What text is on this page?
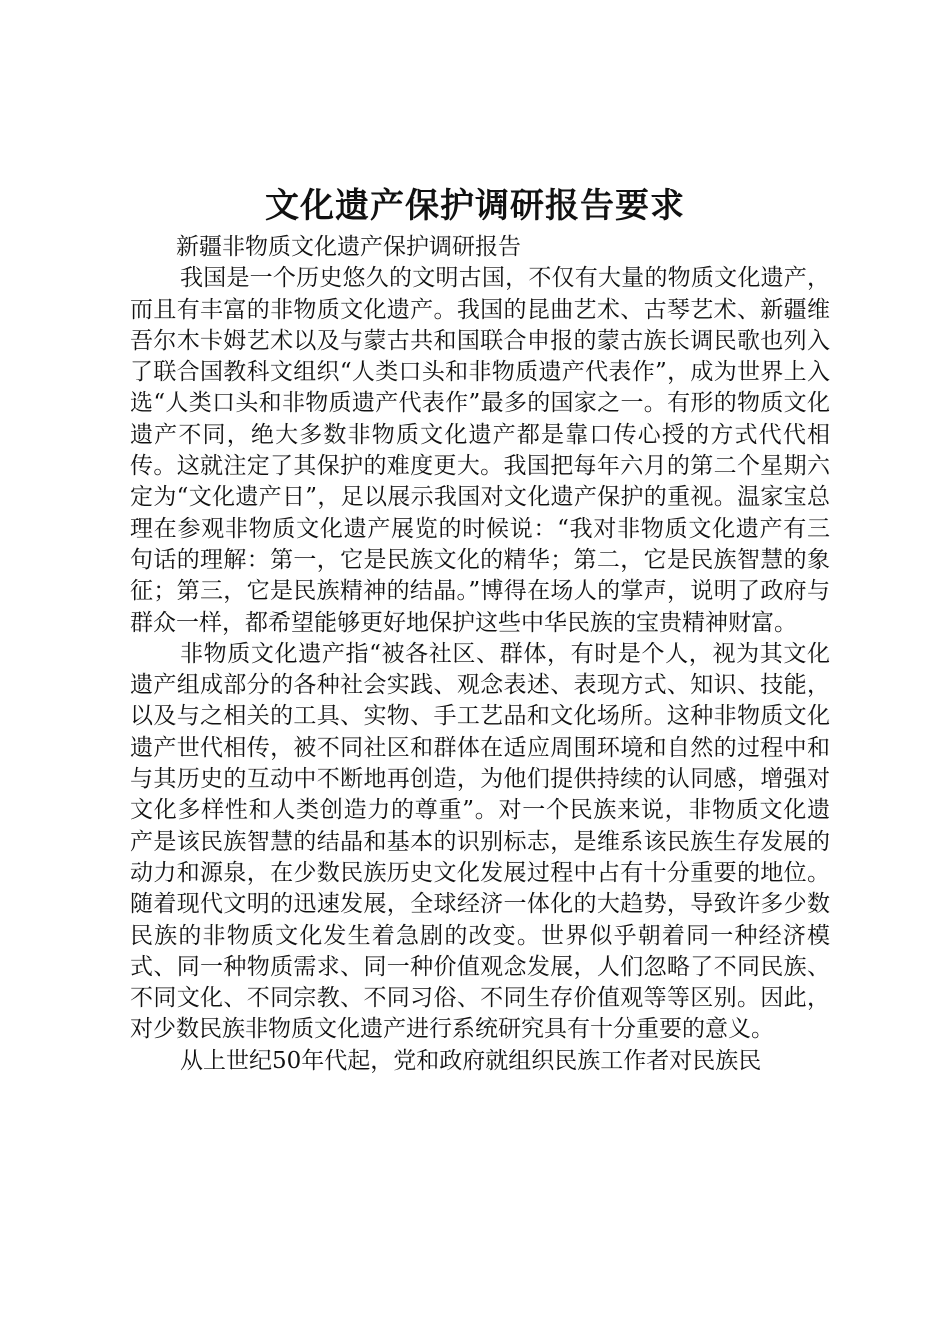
文化遗产保护调研报告要求

新疆非物质文化遗产保护调研报告

我国是一个历史悠久的文明古国，不仅有大量的物质文化遗产，而且有丰富的非物质文化遗产。我国的昆曲艺术、古琴艺术、新疆维吾尔木卡姆艺术以及与蒙古共和国联合申报的蒙古族长调民歌也列入了联合国教科文组织“人类口头和非物质遗产代表作”，成为世界上入选“人类口头和非物质遗产代表作”最多的国家之一。有形的物质文化遗产不同，绝大多数非物质文化遗产都是靠口传心授的方式代代相传。这就注定了其保护的难度更大。我国把每年六月的第二个星期六定为“文化遗产日”，足以展示我国对文化遗产保护的重视。温家宝总理在参观非物质文化遗产展览的时候说：“我对非物质文化遗产有三句话的理解：第一，它是民族文化的精华；第二，它是民族智慧的象征；第三，它是民族精神的结晶。”博得在场人的掌声，说明了政府与群众一样，都希望能够更好地保护这些中华民族的宝贵精神财富。

非物质文化遗产指“被各社区、群体，有时是个人，视为其文化遗产组成部分的各种社会实践、观念表述、表现方式、知识、技能，以及与之相关的工具、实物、手工艺品和文化场所。这种非物质文化遗产世代相传，被不同社区和群体在适应周围环境和自然的过程中和与其历史的互动中不断地再创造，为他们提供持续的认同感，增强对文化多样性和人类创造力的尊重”。对一个民族来说，非物质文化遗产是该民族智慧的结晶和基本的识别标志，是维系该民族生存发展的动力和源泉，在少数民族历史文化发展过程中占有十分重要的地位。随着现代文明的迅速发展，全球经济一体化的大趋势，导致许多少数民族的非物质文化发生着急剧的改变。世界似乎朝着同一种经济模式、同一种物质需求、同一种价值观念发展，人们忽略了不同民族、不同文化、不同宗教、不同习俗、不同生存价值观等等区别。因此，对少数民族非物质文化遗产进行系统研究具有十分重要的意义。

从上世纪50年代起，党和政府就组织民族工作者对民族民
